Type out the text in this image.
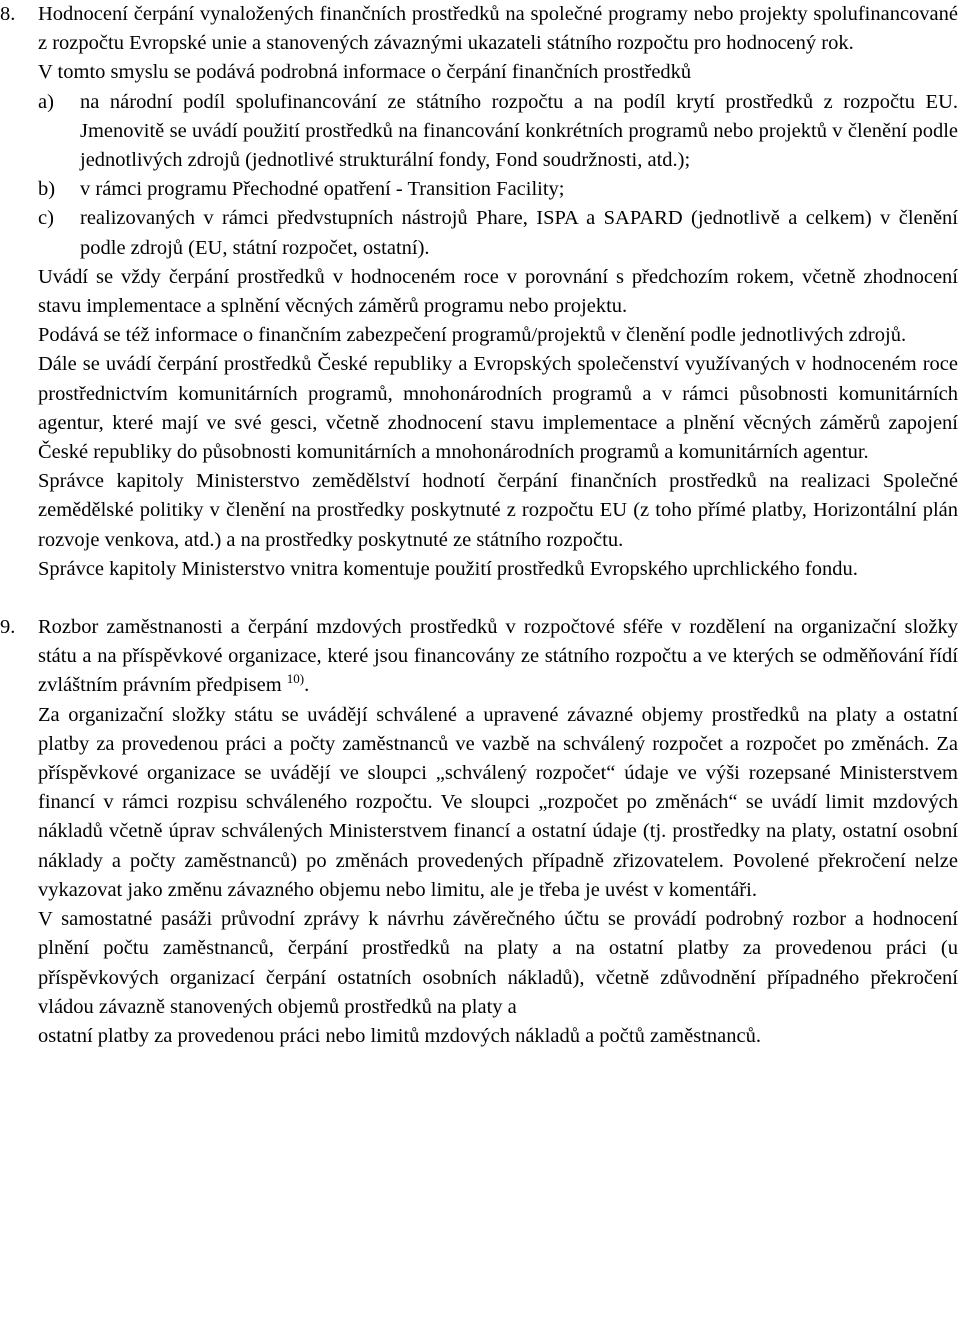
8. Hodnocení čerpání vynaložených finančních prostředků na společné programy nebo projekty spolufinancované z rozpočtu Evropské unie a stanovených závaznými ukazateli státního rozpočtu pro hodnocený rok.

V tomto smyslu se podává podrobná informace o čerpání finančních prostředků

a) na národní podíl spolufinancování ze státního rozpočtu a na podíl krytí prostředků z rozpočtu EU. Jmenovitě se uvádí použití prostředků na financování konkrétních programů nebo projektů v členění podle jednotlivých zdrojů (jednotlivé strukturální fondy, Fond soudržnosti, atd.);
b) v rámci programu Přechodné opatření - Transition Facility;
c) realizovaných v rámci předvstupních nástrojů Phare, ISPA a SAPARD (jednotlivě a celkem) v členění podle zdrojů (EU, státní rozpočet, ostatní).

Uvádí se vždy čerpání prostředků v hodnoceném roce v porovnání s předchozím rokem, včetně zhodnocení stavu implementace a splnění věcných záměrů programu nebo projektu.

Podává se též informace o finančním zabezpečení programů/projektů v členění podle jednotlivých zdrojů.

Dále se uvádí čerpání prostředků České republiky a Evropských společenství využívaných v hodnoceném roce prostřednictvím komunitárních programů, mnohonárodních programů a v rámci působnosti komunitárních agentur, které mají ve své gesci, včetně zhodnocení stavu implementace a plnění věcných záměrů zapojení České republiky do působnosti komunitárních a mnohonárodních programů a komunitárních agentur.

Správce kapitoly Ministerstvo zemědělství hodnotí čerpání finančních prostředků na realizaci Společné zemědělské politiky v členění na prostředky poskytnuté z rozpočtu EU (z toho přímé platby, Horizontální plán rozvoje venkova, atd.) a na prostředky poskytnuté ze státního rozpočtu.

Správce kapitoly Ministerstvo vnitra komentuje použití prostředků Evropského uprchlického fondu.

9. Rozbor zaměstnanosti a čerpání mzdových prostředků v rozpočtové sféře v rozdělení na organizační složky státu a na příspěvkové organizace, které jsou financovány ze státního rozpočtu a ve kterých se odměňování řídí zvláštním právním předpisem $^{10)}$.

Za organizační složky státu se uvádějí schválené a upravené závazné objemy prostředků na platy a ostatní platby za provedenou práci a počty zaměstnanců ve vazbě na schválený rozpočet a rozpočet po změnách. Za příspěvkové organizace se uvádějí ve sloupci „schválený rozpočet“ údaje ve výši rozepsané Ministerstvem financí v rámci rozpisu schváleného rozpočtu. Ve sloupci „rozpočet po změnách“ se uvádí limit mzdových nákladů včetně úprav schválených Ministerstvem financí a ostatní údaje (tj. prostředky na platy, ostatní osobní náklady a počty zaměstnanců) po změnách provedených případně zřizovatelem. Povolené překročení nelze vykazovat jako změnu závazného objemu nebo limitu, ale je třeba je uvést v komentáři.

V samostatné pasáži průvodní zprávy k návrhu závěrečného účtu se provádí podrobný rozbor a hodnocení plnění počtu zaměstnanců, čerpání prostředků na platy a na ostatní platby za provedenou práci (u příspěvkových organizací čerpání ostatních osobních nákladů), včetně zdůvodnění případného překročení vládou závazně stanovených objemů prostředků na platy a

ostatní platby za provedenou práci nebo limitů mzdových nákladů a počtů zaměstnanců.
